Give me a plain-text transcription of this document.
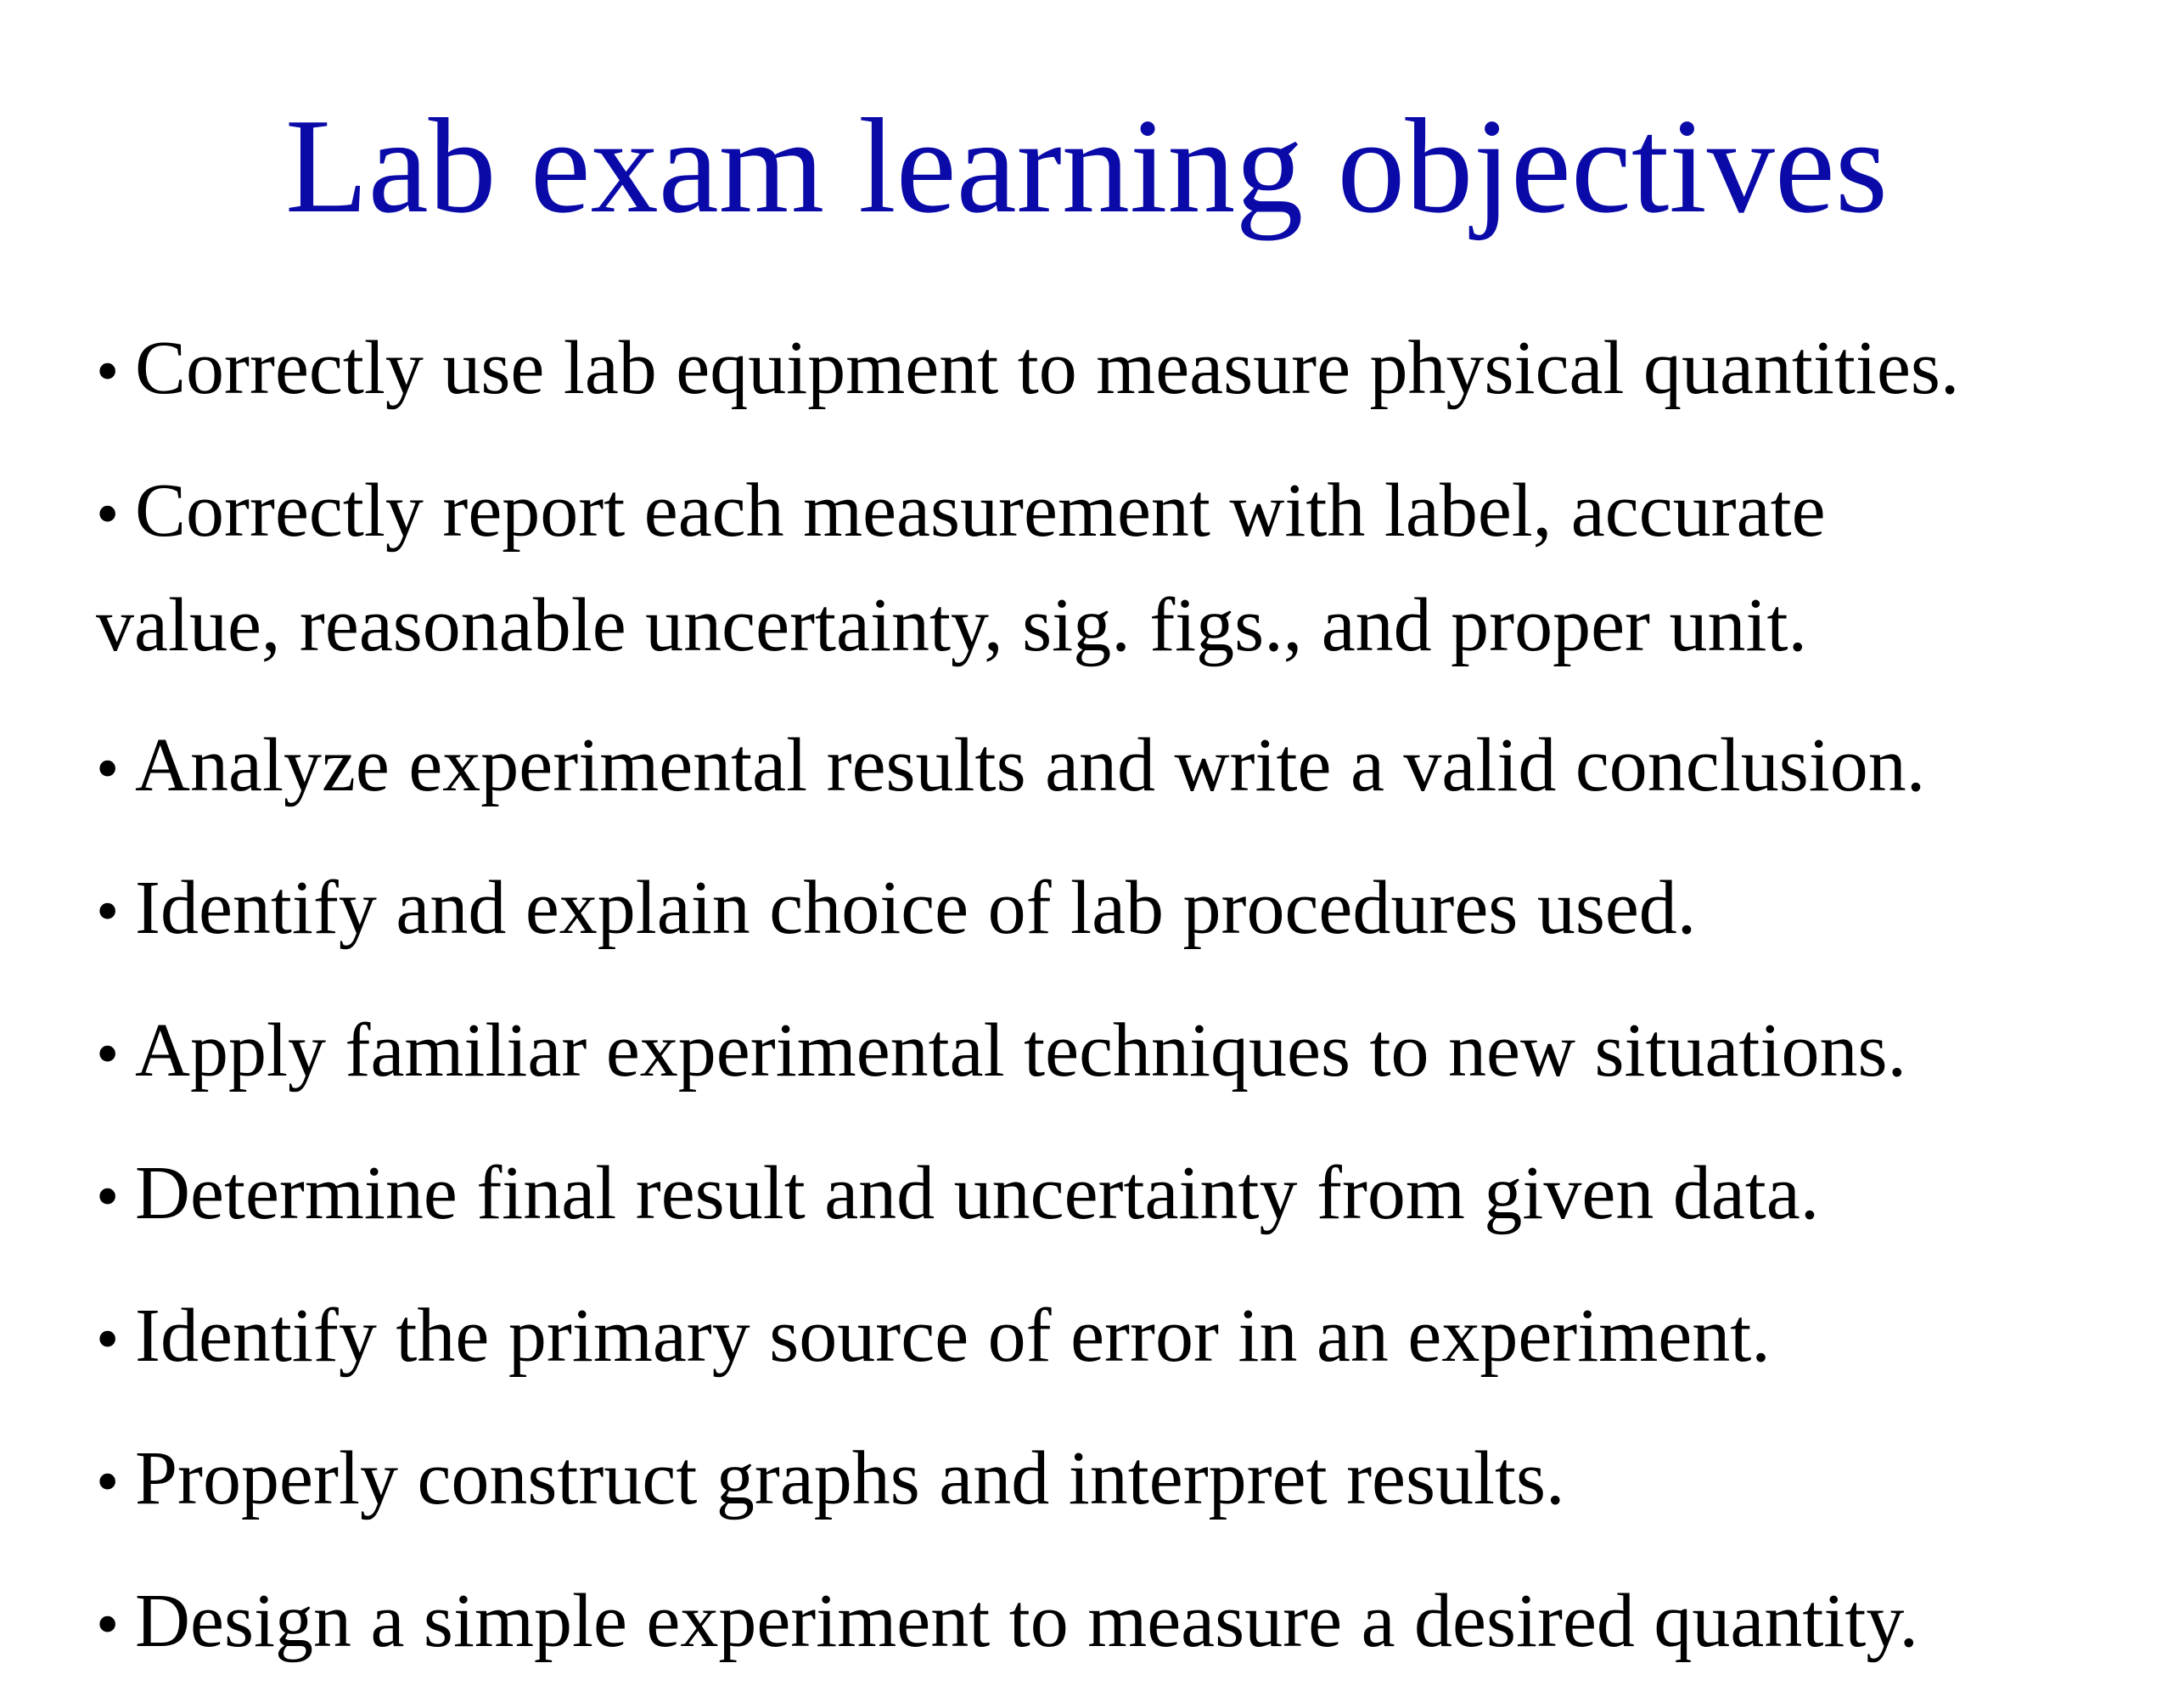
Lab exam learning objectives
• Correctly use lab equipment to measure physical quantities.
• Correctly report each measurement with label, accurate value, reasonable uncertainty, sig. figs., and proper unit.
• Analyze experimental results and write a valid conclusion.
• Identify and explain choice of lab procedures used.
• Apply familiar experimental techniques to new situations.
• Determine final result and uncertainty from given data.
• Identify the primary source of error in an experiment.
• Properly construct graphs and interpret results.
• Design a simple experiment to measure a desired quantity.
